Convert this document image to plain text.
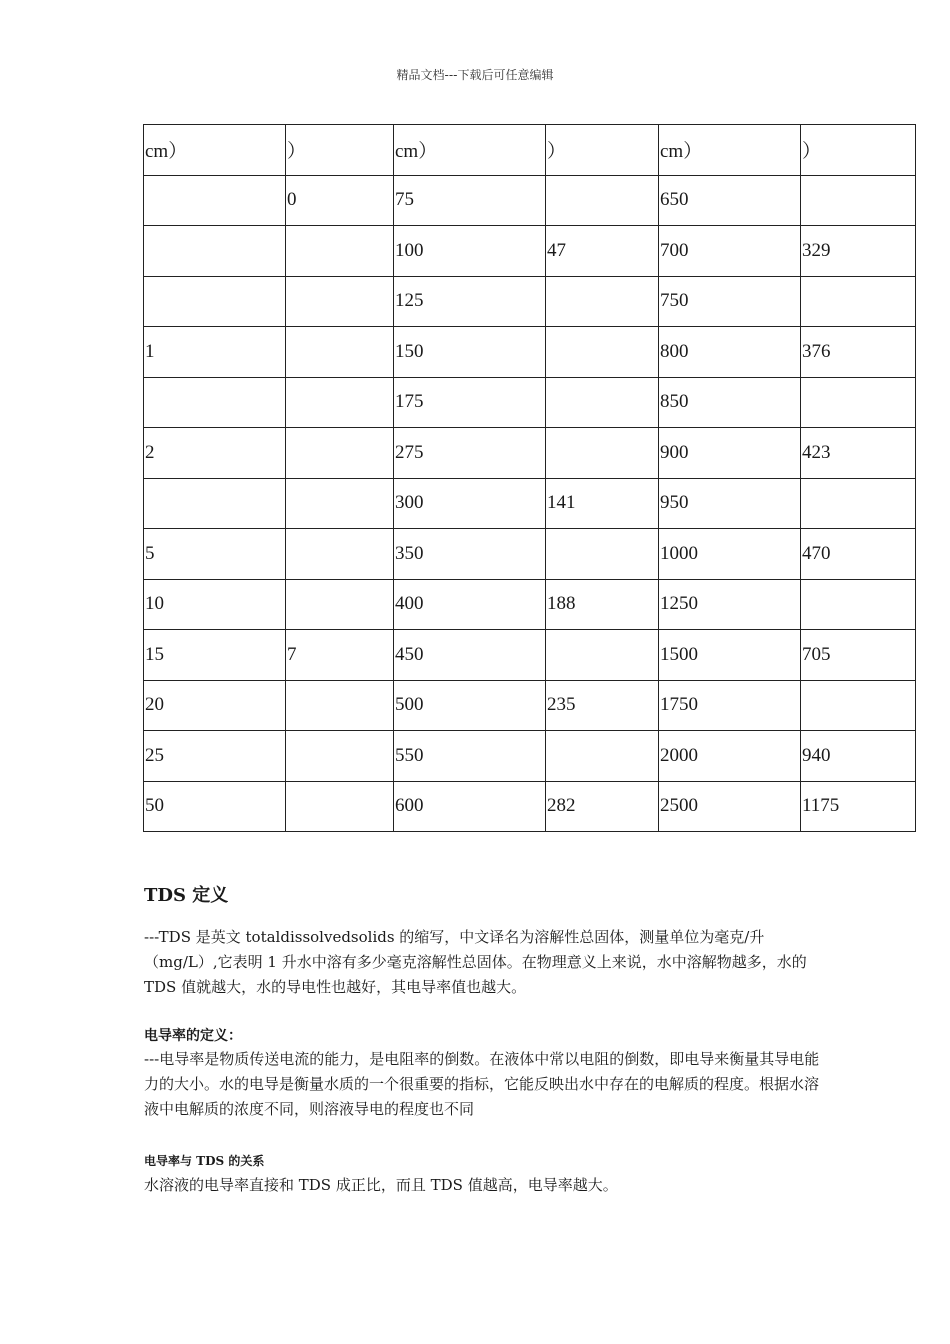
精品文档---下载后可任意编辑
cm）	）	cm）	）	cm）	）
	0	75		650	
		100	47	700	329
		125		750	
1		150		800	376
		175		850	
2		275		900	423
		300	141	950	
5		350		1000	470
10		400	188	1250	
15	7	450		1500	705
20		500	235	1750	
25		550		2000	940
50		600	282	2500	1175
TDS 定义
---TDS 是英文 totaldissolvedsolids 的缩写，中文译名为溶解性总固体，测量单位为毫克/升（mg/L）,它表明 1 升水中溶有多少毫克溶解性总固体。在物理意义上来说，水中溶解物越多，水的 TDS 值就越大，水的导电性也越好，其电导率值也越大。
电导率的定义：
---电导率是物质传送电流的能力，是电阻率的倒数。在液体中常以电阻的倒数，即电导来衡量其导电能力的大小。水的电导是衡量水质的一个很重要的指标，它能反映出水中存在的电解质的程度。根据水溶液中电解质的浓度不同，则溶液导电的程度也不同
电导率与 TDS 的关系
水溶液的电导率直接和 TDS 成正比，而且 TDS 值越高，电导率越大。
